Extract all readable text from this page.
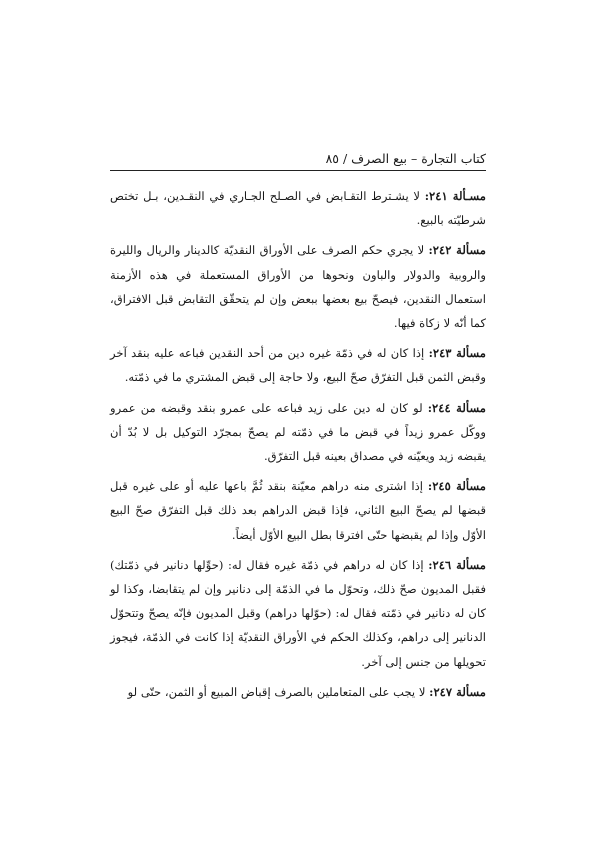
كتاب التجارة – بيع الصرف / ٨٥

مسـألة ٢٤١: لا يشـترط التقـابض في الصـلح الجـاري في النقـدين، بـل تختص شرطيّته بالبيع.

مسألة ٢٤٢: لا يجري حكم الصرف على الأوراق النقديّة كالدينار والريال والليرة والروبية والدولار والباون ونحوها من الأوراق المستعملة في هذه الأزمنة استعمال النقدين، فيصحّ بيع بعضها ببعض وإن لم يتحقّق التقابض قبل الافتراق، كما أنّه لا زكاة فيها.

مسألة ٢٤٣: إذا كان له في ذمّة غيره دين من أحد النقدين فباعه عليه بنقد آخر وقبض الثمن قبل التفرّق صحّ البيع، ولا حاجة إلى قبض المشتري ما في ذمّته.

مسألة ٢٤٤: لو كان له دين على زيد فباعه على عمرو بنقد وقبضه من عمرو ووكّل عمرو زيداً في قبض ما في ذمّته لم يصحّ بمجرّد التوكيل بل لا بُدّ أن يقبضه زيد ويعيّنه في مصداق بعينه قبل التفرّق.

مسألة ٢٤٥: إذا اشترى منه دراهم معيّنة بنقد ثُمَّ باعها عليه أو على غيره قبل قبضها لم يصحّ البيع الثاني، فإذا قبض الدراهم بعد ذلك قبل التفرّق صحّ البيع الأوّل وإذا لم يقبضها حتّى افترقا بطل البيع الأوّل أيضاً.

مسألة ٢٤٦: إذا كان له دراهم في ذمّة غيره فقال له: (حوِّلها دنانير في ذمّتك) فقبل المديون صحّ ذلك، وتحوّل ما في الذمّة إلى دنانير وإن لم يتقابضا، وكذا لو كان له دنانير في ذمّته فقال له: (حوّلها دراهم) وقبل المديون فإنّه يصحّ وتتحوّل الدنانير إلى دراهم، وكذلك الحكم في الأوراق النقديّة إذا كانت في الذمّة، فيجوز تحويلها من جنس إلى آخر.

مسألة ٢٤٧: لا يجب على المتعاملين بالصرف إقباض المبيع أو الثمن، حتّى لو
